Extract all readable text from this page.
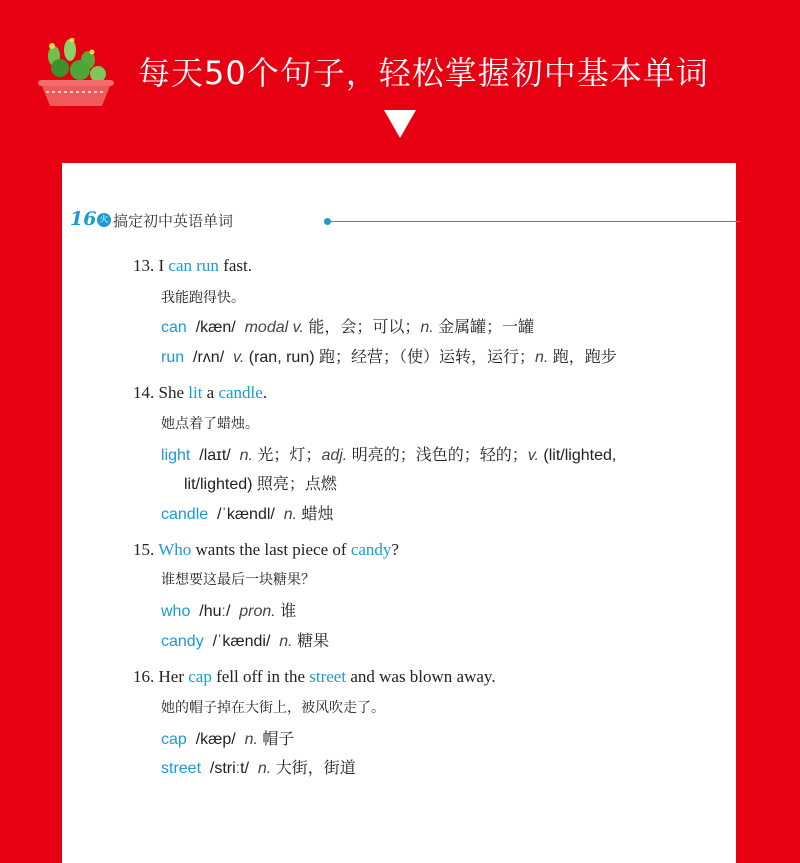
每天50个句子，轻松掌握初中基本单词
16 火 搞定初中英语单词
13. I can run fast.
我能跑得快。
can /kæn/ modal v. 能，会；可以；n. 金属罐；一罐
run /rʌn/ v. (ran, run) 跑；经营；（使）运转，运行；n. 跑，跑步
14. She lit a candle.
她点着了蜡烛。
light /laɪt/ n. 光；灯；adj. 明亮的；浅色的；轻的；v. (lit/lighted,
lit/lighted) 照亮；点燃
candle /ˈkændl/ n. 蜡烛
15. Who wants the last piece of candy?
谁想要这最后一块糖果？
who /huː/ pron. 谁
candy /ˈkændi/ n. 糖果
16. Her cap fell off in the street and was blown away.
她的帽子掉在大街上，被风吹走了。
cap /kæp/ n. 帽子
street /striːt/ n. 大街，街道
